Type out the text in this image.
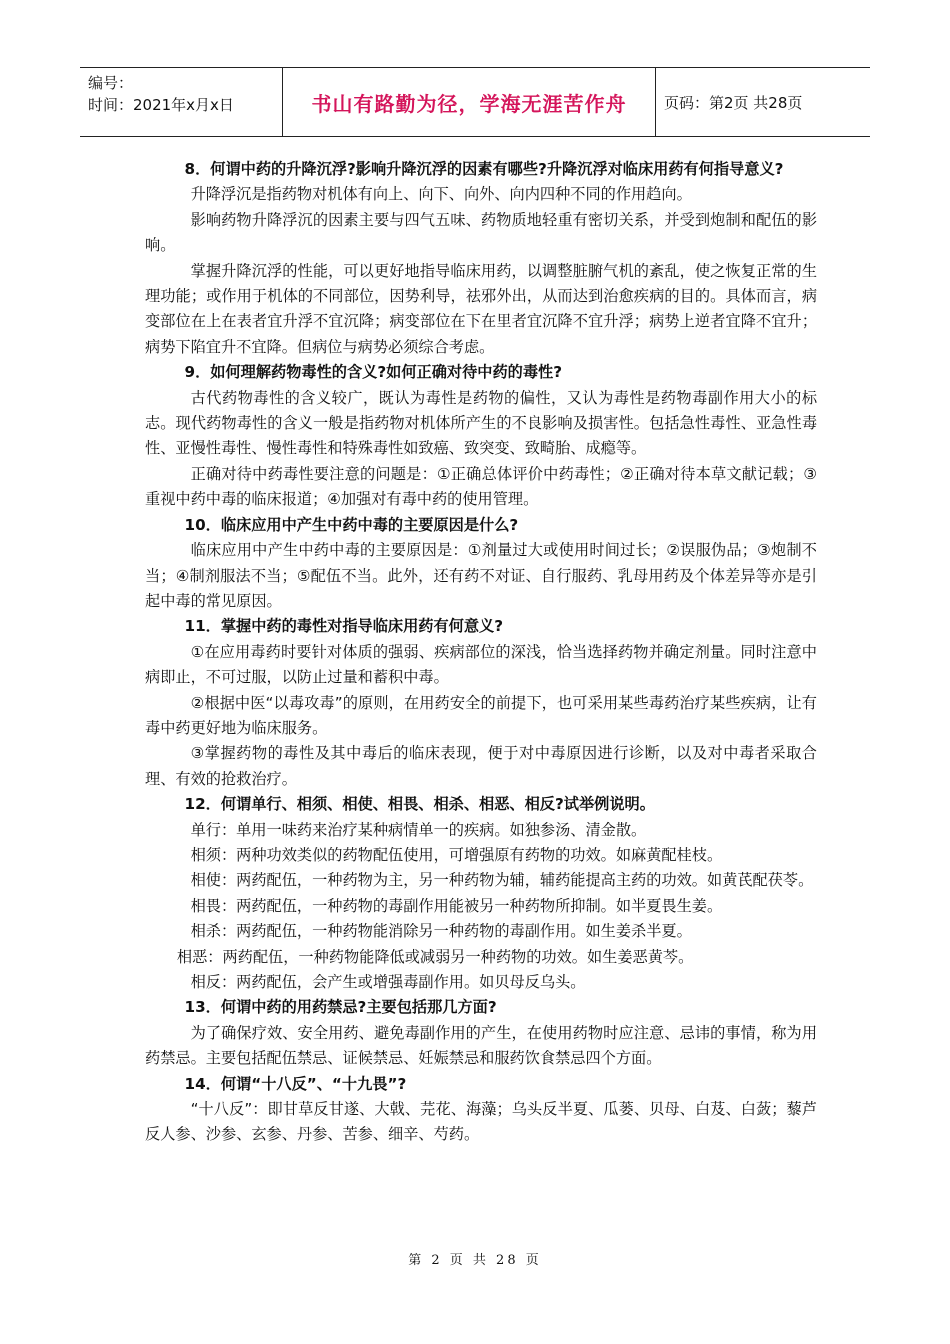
编号：
时间：2021年x月x日	书山有路勤为径，学海无涯苦作舟	页码：第2页 共28页

8．何谓中药的升降沉浮?影响升降沉浮的因素有哪些?升降沉浮对临床用药有何指导意义?

升降浮沉是指药物对机体有向上、向下、向外、向内四种不同的作用趋向。

影响药物升降浮沉的因素主要与四气五味、药物质地轻重有密切关系，并受到炮制和配伍的影响。

掌握升降沉浮的性能，可以更好地指导临床用药，以调整脏腑气机的紊乱，使之恢复正常的生理功能；或作用于机体的不同部位，因势利导，祛邪外出，从而达到治愈疾病的目的。具体而言，病变部位在上在表者宜升浮不宜沉降；病变部位在下在里者宜沉降不宜升浮；病势上逆者宜降不宜升；病势下陷宜升不宜降。但病位与病势必须综合考虑。

9．如何理解药物毒性的含义?如何正确对待中药的毒性?

古代药物毒性的含义较广，既认为毒性是药物的偏性，又认为毒性是药物毒副作用大小的标志。现代药物毒性的含义一般是指药物对机体所产生的不良影响及损害性。包括急性毒性、亚急性毒性、亚慢性毒性、慢性毒性和特殊毒性如致癌、致突变、致畸胎、成瘾等。

正确对待中药毒性要注意的问题是：①正确总体评价中药毒性；②正确对待本草文献记载；③重视中药中毒的临床报道；④加强对有毒中药的使用管理。

10．临床应用中产生中药中毒的主要原因是什么?

临床应用中产生中药中毒的主要原因是：①剂量过大或使用时间过长；②误服伪品；③炮制不当；④制剂服法不当；⑤配伍不当。此外，还有药不对证、自行服药、乳母用药及个体差异等亦是引起中毒的常见原因。

11．掌握中药的毒性对指导临床用药有何意义?

①在应用毒药时要针对体质的强弱、疾病部位的深浅，恰当选择药物并确定剂量。同时注意中病即止，不可过服，以防止过量和蓄积中毒。

②根据中医“以毒攻毒”的原则，在用药安全的前提下，也可采用某些毒药治疗某些疾病，让有毒中药更好地为临床服务。

③掌握药物的毒性及其中毒后的临床表现，便于对中毒原因进行诊断，以及对中毒者采取合理、有效的抢救治疗。

12．何谓单行、相须、相使、相畏、相杀、相恶、相反?试举例说明。

单行：单用一味药来治疗某种病情单一的疾病。如独参汤、清金散。

相须：两种功效类似的药物配伍使用，可增强原有药物的功效。如麻黄配桂枝。

相使：两药配伍，一种药物为主，另一种药物为辅，辅药能提高主药的功效。如黄芪配茯苓。

相畏：两药配伍，一种药物的毒副作用能被另一种药物所抑制。如半夏畏生姜。

相杀：两药配伍，一种药物能消除另一种药物的毒副作用。如生姜杀半夏。

相恶：两药配伍，一种药物能降低或减弱另一种药物的功效。如生姜恶黄芩。

相反：两药配伍，会产生或增强毒副作用。如贝母反乌头。

13．何谓中药的用药禁忌?主要包括那几方面?

为了确保疗效、安全用药、避免毒副作用的产生，在使用药物时应注意、忌讳的事情，称为用药禁忌。主要包括配伍禁忌、证候禁忌、妊娠禁忌和服药饮食禁忌四个方面。

14．何谓“十八反”、“十九畏”?

“十八反”：即甘草反甘遂、大戟、芫花、海藻；乌头反半夏、瓜蒌、贝母、白芨、白蔹；藜芦反人参、沙参、玄参、丹参、苦参、细辛、芍药。

第 2 页 共 28 页
